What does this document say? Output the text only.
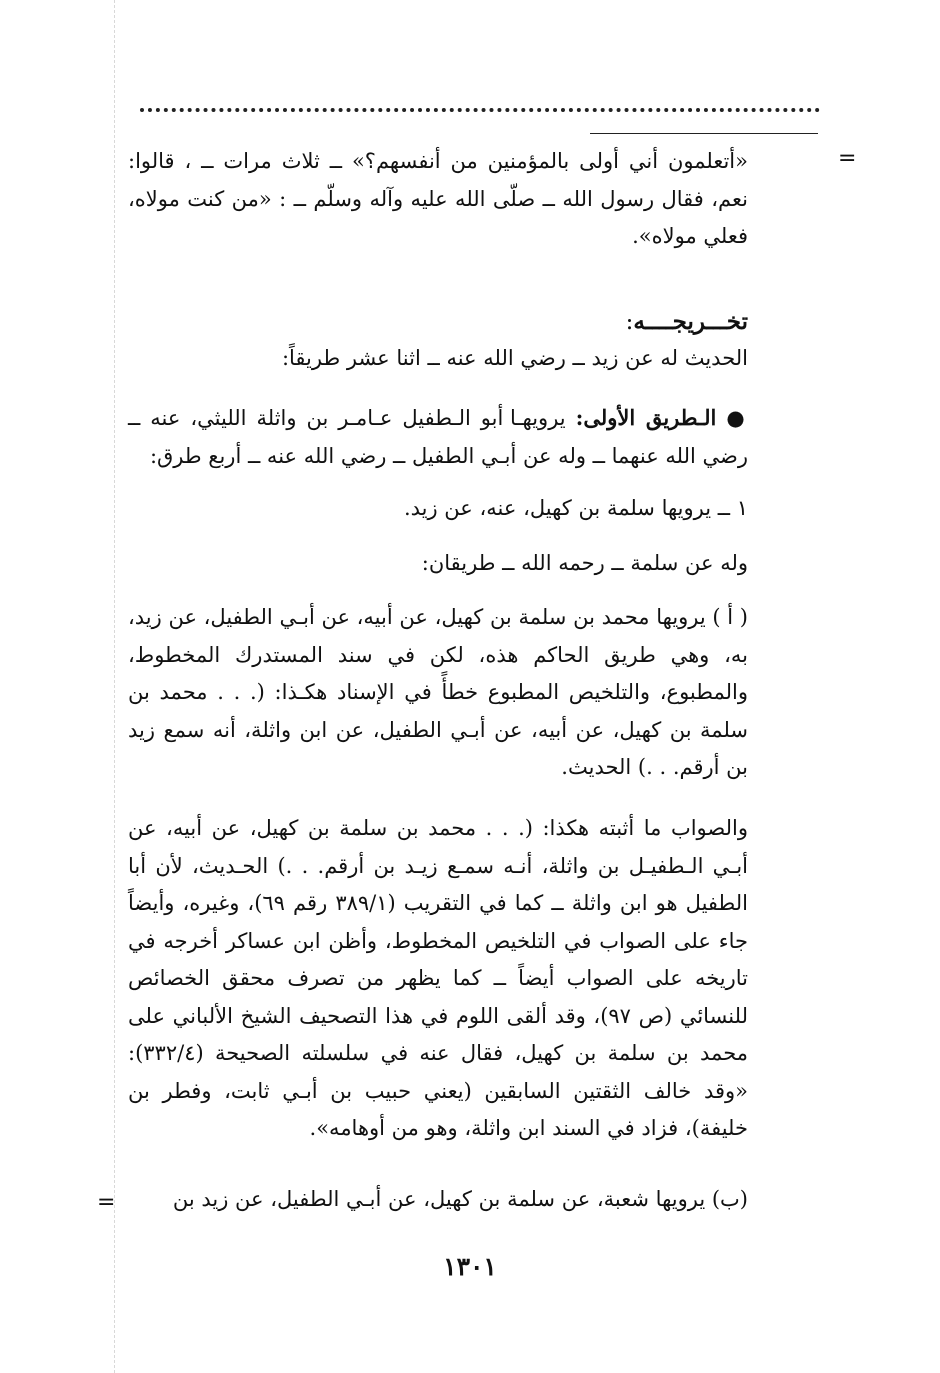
=

«أتعلمون أني أولى بالمؤمنين من أنفسهم؟» ــ ثلاث مرات ــ ، قالوا: نعم، فقال رسول الله ــ صلّى الله عليه وآله وسلّم ــ : «من كنت مولاه، فعلي مولاه».

تخـــريجــــه:

الحديث له عن زيد ــ رضي الله عنه ــ اثنا عشر طريقاً:

● الـطريق الأولى: يرويهـا أبو الـطفيل عـامـر بن واثلة الليثي، عنه ــ رضي الله عنهما ــ وله عن أبـي الطفيل ــ رضي الله عنه ــ أربع طرق:

١ ــ يرويها سلمة بن كهيل، عنه، عن زيد.

وله عن سلمة ــ رحمه الله ــ طريقان:

( أ ) يرويها محمد بن سلمة بن كهيل، عن أبيه، عن أبـي الطفيل، عن زيد، به، وهي طريق الحاكم هذه، لكن في سند المستدرك المخطوط، والمطبوع، والتلخيص المطبوع خطأً في الإسناد هكـذا: (. . . محمد بن سلمة بن كهيل، عن أبيه، عن أبـي الطفيل، عن ابن واثلة، أنه سمع زيد بن أرقم. . .) الحديث.

والصواب ما أثبته هكذا: (. . . محمد بن سلمة بن كهيل، عن أبيه، عن أبـي الـطفيـل بن واثلة، أنـه سمـع زيـد بن أرقم. . .) الحـديث، لأن أبا الطفيل هو ابن واثلة ــ كما في التقريب (٣٨٩/١ رقم ٦٩)، وغيره، وأيضاً جاء على الصواب في التلخيص المخطوط، وأظن ابن عساكر أخرجه في تاريخه على الصواب أيضاً ــ كما يظهر من تصرف محقق الخصائص للنسائي (ص ٩٧)، وقد ألقى اللوم في هذا التصحيف الشيخ الألباني على محمد بن سلمة بن كهيل، فقال عنه في سلسلته الصحيحة (٣٣٢/٤): «وقد خالف الثقتين السابقين (يعني حبيب بن أبـي ثابت، وفطر بن خليفة)، فزاد في السند ابن واثلة، وهو من أوهامه».

(ب) يرويها شعبة، عن سلمة بن كهيل، عن أبـي الطفيل، عن زيد بن

=
١٣٠١
